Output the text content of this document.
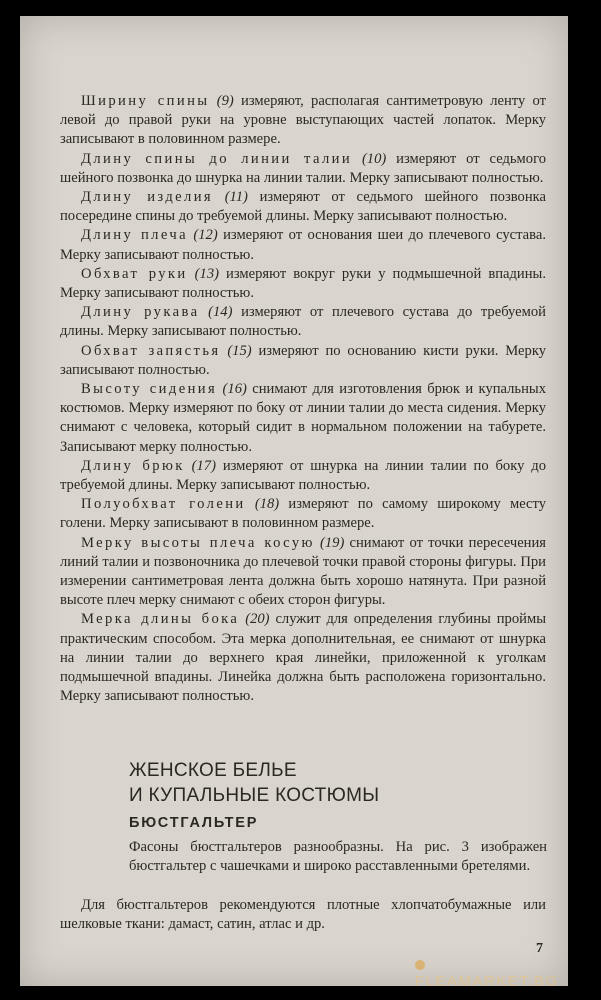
Ширину спины (9) измеряют, располагая сантиметровую ленту от левой до правой руки на уровне выступающих частей лопаток. Мерку записывают в половинном размере.

Длину спины до линии талии (10) измеряют от седьмого шейного позвонка до шнурка на линии талии. Мерку записывают полностью.

Длину изделия (11) измеряют от седьмого шейного позвонка посередине спины до требуемой длины. Мерку записывают полностью.

Длину плеча (12) измеряют от основания шеи до плечевого сустава. Мерку записывают полностью.

Обхват руки (13) измеряют вокруг руки у подмышечной впадины. Мерку записывают полностью.

Длину рукава (14) измеряют от плечевого сустава до требуемой длины. Мерку записывают полностью.

Обхват запястья (15) измеряют по основанию кисти руки. Мерку записывают полностью.

Высоту сидения (16) снимают для изготовления брюк и купальных костюмов. Мерку измеряют по боку от линии талии до места сидения. Мерку снимают с человека, который сидит в нормальном положении на табурете. Записывают мерку полностью.

Длину брюк (17) измеряют от шнурка на линии талии по боку до требуемой длины. Мерку записывают полностью.

Полуобхват голени (18) измеряют по самому широкому месту голени. Мерку записывают в половинном размере.

Мерку высоты плеча косую (19) снимают от точки пересечения линий талии и позвоночника до плечевой точки правой стороны фигуры. При измерении сантиметровая лента должна быть хорошо натянута. При разной высоте плеч мерку снимают с обеих сторон фигуры.

Мерка длины бока (20) служит для определения глубины проймы практическим способом. Эта мерка дополнительная, ее снимают от шнурка на линии талии до верхнего края линейки, приложенной к уголкам подмышечной впадины. Линейка должна быть расположена горизонтально. Мерку записывают полностью.

ЖЕНСКОЕ БЕЛЬЕ
И КУПАЛЬНЫЕ КОСТЮМЫ
БЮСТГАЛЬТЕР

Фасоны бюстгальтеров разнообразны. На рис. 3 изображен бюстгальтер с чашечками и широко расставленными бретелями.

Для бюстгальтеров рекомендуются плотные хлопчатобумажные или шелковые ткани: дамаст, сатин, атлас и др.

7
FLEAMARKET.BG
